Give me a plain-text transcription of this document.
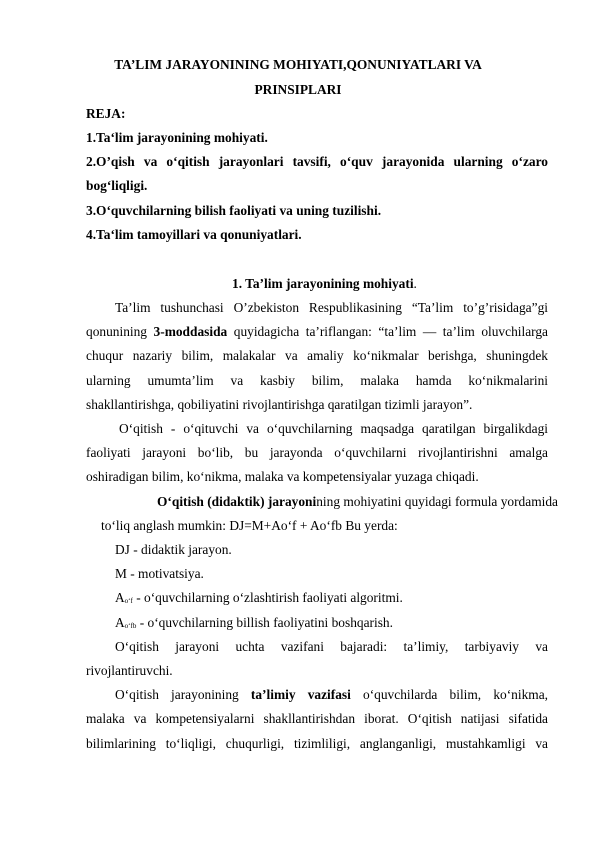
TA’LIM JARAYONINING MOHIYATI,QONUNIYATLARI VA
PRINSIPLARI
REJA:
1.Ta‘lim jarayonining mohiyati.
2.O’qish va o‘qitish jarayonlari tavsifi, o‘quv jarayonida ularning o‘zaro
bog‘liqligi.
3.O‘quvchilarning bilish faoliyati va uning tuzilishi.
4.Ta‘lim tamoyillari va qonuniyatlari.
1. Ta’lim jarayonining mohiyati.
Ta’lim tushunchasi O’zbekiston Respublikasining “Ta’lim to’g’risidaga”gi
qonunining 3-moddasida quyidagicha ta’riflangan: “ta’lim — ta’lim oluvchilarga
chuqur nazariy bilim, malakalar va amaliy ko‘nikmalar berishga, shuningdek
ularning umumta’lim va kasbiy bilim, malaka hamda ko‘nikmalarini
shakllantirishga, qobiliyatini rivojlantirishga qaratilgan tizimli jarayon”.
O‘qitish - o‘qituvchi va o‘quvchilarning maqsadga qaratilgan birgalikdagi
faoliyati jarayoni bo‘lib, bu jarayonda o‘quvchilarni rivojlantirishni amalga
oshiradigan bilim, ko‘nikma, malaka va kompetensiyalar yuzaga chiqadi.
O‘qitish (didaktik) jarayonining mohiyatini quyidagi formula yordamida
to‘liq anglash mumkin: DJ=M+Ao‘f + Ao‘fb Bu yerda:
DJ - didaktik jarayon.
M - motivatsiya.
$A_{o‘f}$ - o‘quvchilarning o‘zlashtirish faoliyati algoritmi.
$A_{o‘fb}$ - o‘quvchilarning billish faoliyatini boshqarish.
O‘qitish jarayoni uchta vazifani bajaradi: ta’limiy, tarbiyaviy va
rivojlantiruvchi.
O‘qitish jarayonining ta’limiy vazifasi o‘quvchilarda bilim, ko‘nikma,
malaka va kompetensiyalarni shakllantirishdan iborat. O‘qitish natijasi sifatida
bilimlarining to‘liqligi, chuqurligi, tizimliligi, anglanganligi, mustahkamligi va
